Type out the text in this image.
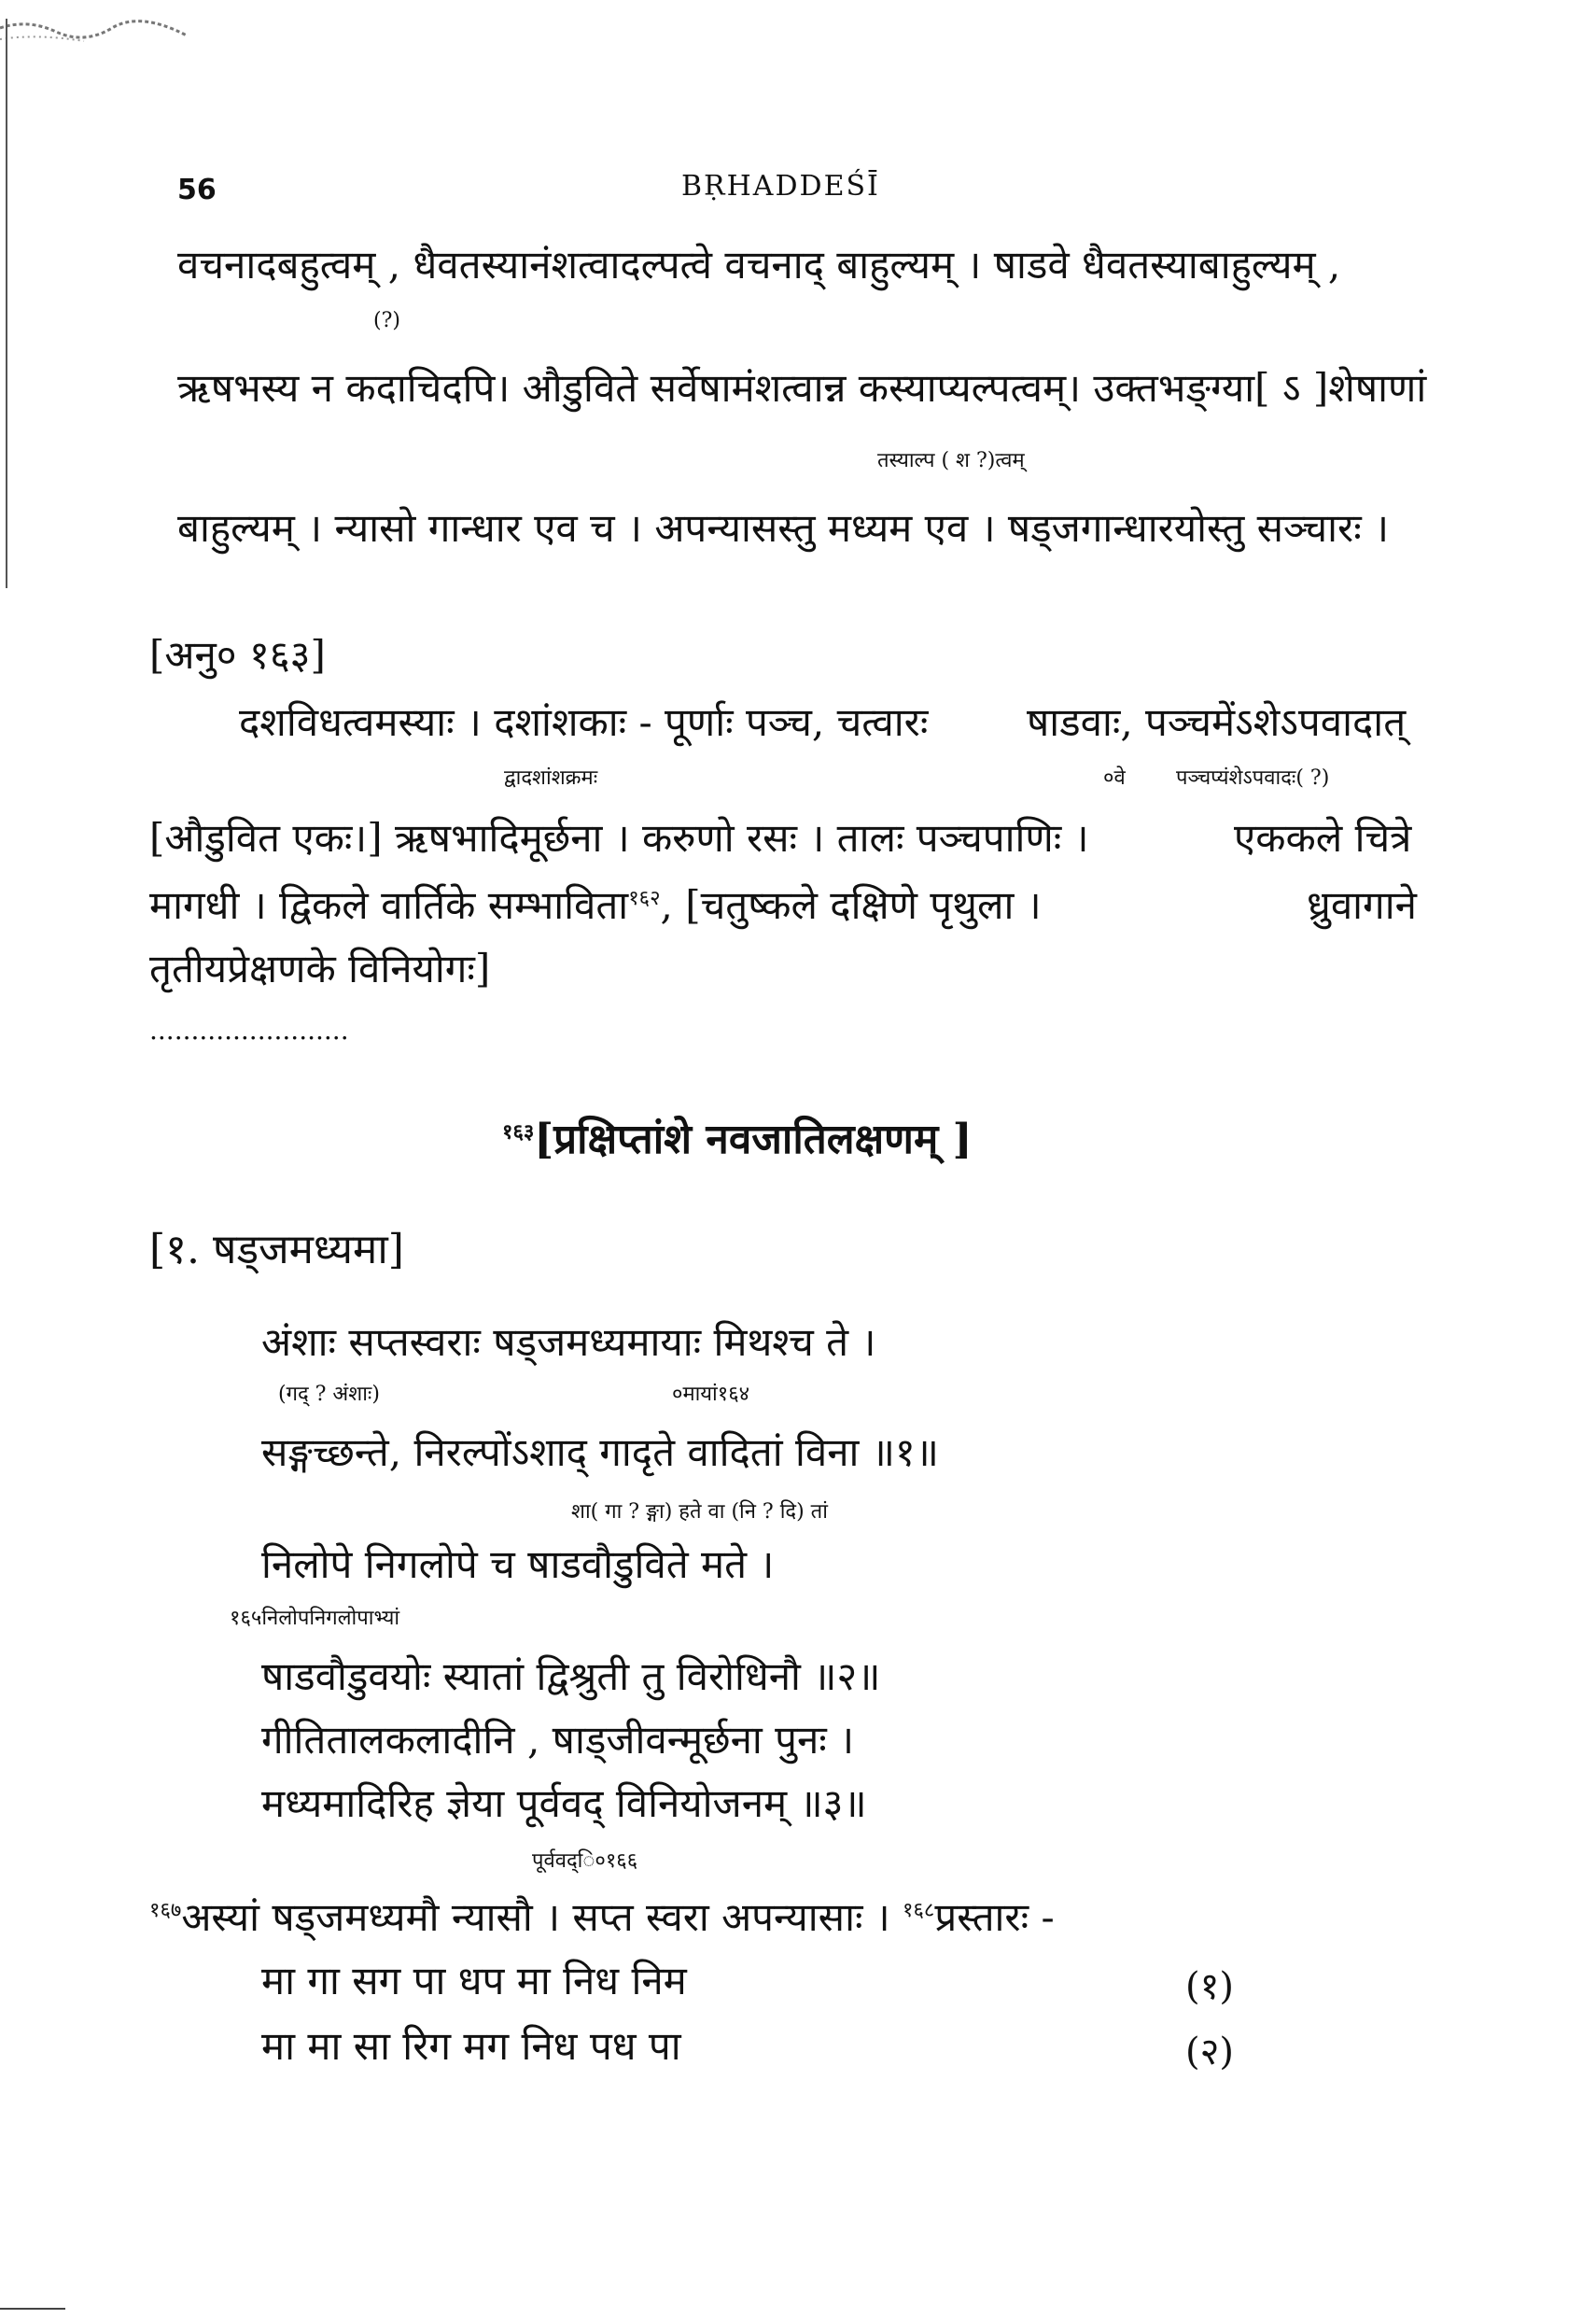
56	BṚHADDEŚĪ
वचनादबहुत्वम् , धैवतस्यानंशत्वादल्पत्वे वचनाद् बाहुल्यम् । षाडवे धैवतस्याबाहुल्यम् ,
(?)
ऋषभस्य न कदाचिदपि। औडुविते सर्वेषामंशत्वान्न कस्याप्यल्पत्वम्। उक्तभङ्ग्या[ ऽ ]शेषाणां
तस्याल्प ( श ?)त्वम्
बाहुल्यम् । न्यासो गान्धार एव च । अपन्यासस्तु मध्यम एव । षड्जगान्धारयोस्तु सञ्चारः ।
[अनु० १६३]
दशविधत्वमस्याः । दशांशकाः - पूर्णाः पञ्च, चत्वारः	षाडवाः, पञ्चमेंऽशेऽपवादात्
द्वादशांशक्रमः	०वे पञ्चप्यंशेऽपवादः( ?)
[औडुवित एकः।] ऋषभादिमूर्छना । करुणो रसः । तालः पञ्चपाणिः ।	एककले चित्रे
मागधी । द्विकले वार्तिके सम्भाविता$^{१६२}$, [चतुष्कले दक्षिणे पृथुला ।	ध्रुवागाने
तृतीयप्रेक्षणके विनियोगः]
........................
$^{१६३}$[प्रक्षिप्तांशे नवजातिलक्षणम् ]
[१. षड्जमध्यमा]
अंशाः सप्तस्वराः षड्जमध्यमायाः मिथश्च ते ।
(गद् ? अंशाः)	०मायां१६४
सङ्गच्छन्ते, निरल्पोंऽशाद् गादृते वादितां विना ॥१॥
शा( गा ? ङ्गा) हते वा (नि ? दि) तां
निलोपे निगलोपे च षाडवौडुविते मते ।
१६५निलोपनिगलोपाभ्यां
षाडवौडुवयोः स्यातां द्विश्रुती तु विरोधिनौ ॥२॥
गीतितालकलादीनि , षाड्जीवन्मूर्छना पुनः ।
मध्यमादिरिह ज्ञेया पूर्ववद् विनियोजनम् ॥३॥
पूर्ववद्ि०१६६
$^{१६७}$अस्यां षड्जमध्यमौ न्यासौ । सप्त स्वरा अपन्यासाः । $^{१६८}$प्रस्तारः -
मा गा सग पा धप मा निध निम	(१)
मा मा सा रिग मग निध पध पा	(२)
